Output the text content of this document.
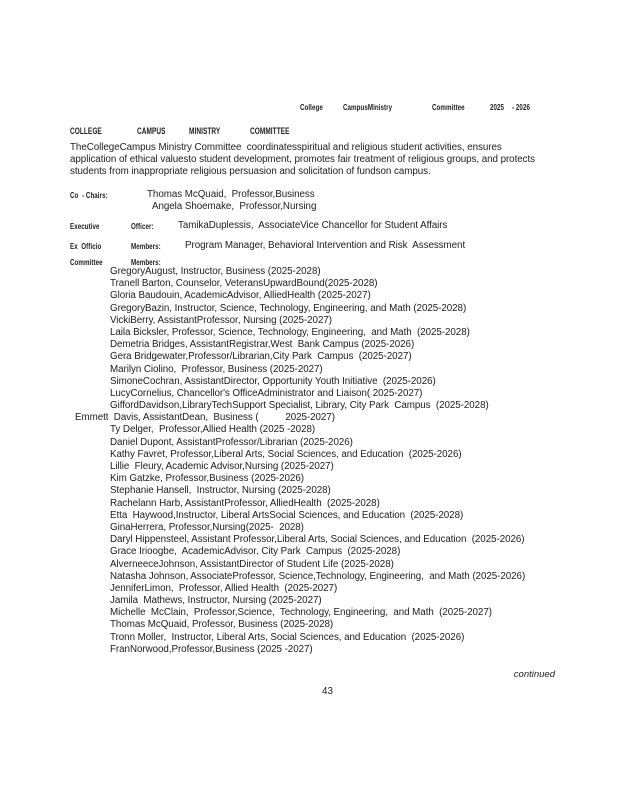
College CampusMinistry	Committee	2025 - 2026
COLLEGE	CAMPUS	MINISTRY	COMMITTEE
TheCollegeCampus Ministry Committee  coordinatesspiritual and religious student activities, ensures
application of ethical valuesto student development, promotes fair treatment of religious groups, and protects
students from inappropriate religious persuasion and solicitation of fundson campus.
Co  - Chairs:	Thomas McQuaid,  Professor,Business
Angela Shoemake,  Professor,Nursing
Executive	Officer: TamikaDuplessis,  AssociateVice Chancellor for Student Affairs
Ex  Officio	Members: Program Manager, Behavioral Intervention and Risk  Assessment
Committee	Members:
GregoryAugust, Instructor, Business (2025-2028)
Tranell Barton, Counselor, VeteransUpwardBound(2025-2028)
Gloria Baudouin, AcademicAdvisor, AlliedHealth (2025-2027)
GregoryBazin, Instructor, Science, Technology, Engineering, and Math (2025-2028)
VickiBerry, AssistantProfessor, Nursing (2025-2027)
Laila Bicksler, Professor, Science, Technology, Engineering,  and Math  (2025-2028)
Demetria Bridges, AssistantRegistrar,West  Bank Campus (2025-2026)
Gera Bridgewater,Professor/Librarian,City Park  Campus  (2025-2027)
Marilyn Ciolino,  Professor, Business (2025-2027)
SimoneCochran, AssistantDirector, Opportunity Youth Initiative  (2025-2026)
LucyCornelius, Chancellor's OfficeAdministrator and Liaison( 2025-2027)
GiffordDavidson,LibraryTechSupport Specialist, Library, City Park  Campus  (2025-2028)
Emmett  Davis, AssistantDean,  Business (          2025-2027)
Ty Delger,  Professor,Allied Health (2025 -2028)
Daniel Dupont, AssistantProfessor/Librarian (2025-2026)
Kathy Favret, Professor,Liberal Arts, Social Sciences, and Education  (2025-2026)
Lillie  Fleury, Academic Advisor,Nursing (2025-2027)
Kim Gatzke, Professor,Business (2025-2026)
Stephanie Hansell,  Instructor, Nursing (2025-2028)
Rachelann Harb, AssistantProfessor, AlliedHealth  (2025-2028)
Etta  Haywood,Instructor, Liberal ArtsSocial Sciences, and Education  (2025-2028)
GinaHerrera, Professor,Nursing(2025-  2028)
Daryl Hippensteel, Assistant Professor,Liberal Arts, Social Sciences, and Education  (2025-2026)
Grace Irioogbe,  AcademicAdvisor, City Park  Campus  (2025-2028)
AlverneeceJohnson, AssistantDirector of Student Life (2025-2028)
Natasha Johnson, AssociateProfessor, Science,Technology, Engineering,  and Math (2025-2026)
JenniferLimon,  Professor, Allied Health  (2025-2027)
Jamila  Mathews, Instructor, Nursing (2025-2027)
Michelle  McClain,  Professor,Science,  Technology, Engineering,  and Math  (2025-2027)
Thomas McQuaid, Professor, Business (2025-2028)
Tronn Moller,  Instructor, Liberal Arts, Social Sciences, and Education  (2025-2026)
FranNorwood,Professor,Business (2025 -2027)
continued
43
